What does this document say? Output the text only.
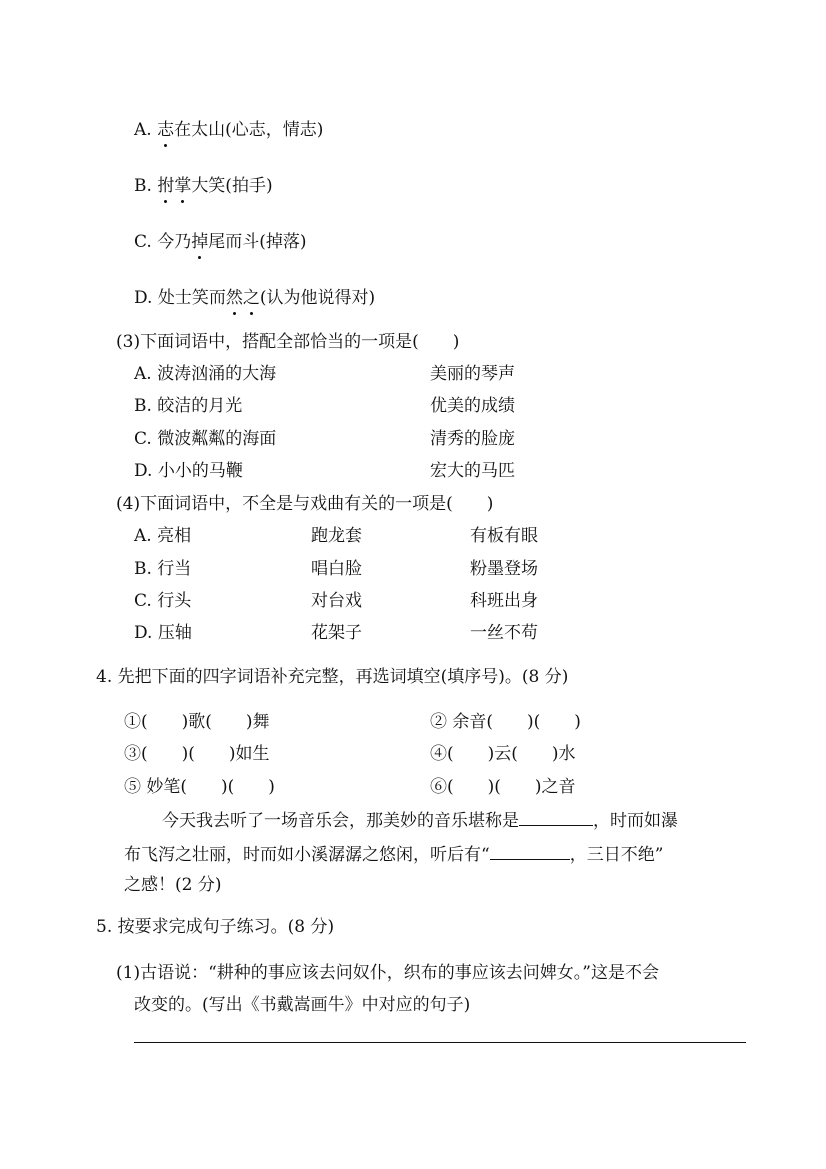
A. 志在太山(心志，情志)
B. 拊掌大笑(拍手)
C. 今乃掉尾而斗(掉落)
D. 处士笑而然之(认为他说得对)
(3)下面词语中，搭配全部恰当的一项是(　　)
A. 波涛汹涌的大海	美丽的琴声
B. 皎洁的月光	优美的成绩
C. 微波粼粼的海面	清秀的脸庞
D. 小小的马鞭	宏大的马匹
(4)下面词语中，不全是与戏曲有关的一项是(　　)
A. 亮相	跑龙套	有板有眼
B. 行当	唱白脸	粉墨登场
C. 行头	对台戏	科班出身
D. 压轴	花架子	一丝不苟
4. 先把下面的四字词语补充完整，再选词填空(填序号)。(8 分)
①(　　)歌(　　)舞	② 余音(　　)(　　)
③(　　)(　　)如生	④(　　)云(　　)水
⑤ 妙笔(　　)(　　)	⑥(　　)(　　)之音
今天我去听了一场音乐会，那美妙的音乐堪称是	，时而如瀑
布飞泻之壮丽，时而如小溪潺潺之悠闲，听后有“	，三日不绝”
之感！(2 分)
5. 按要求完成句子练习。(8 分)
(1)古语说：“耕种的事应该去问奴仆，织布的事应该去问婢女。”这是不会
改变的。(写出《书戴嵩画牛》中对应的句子)
